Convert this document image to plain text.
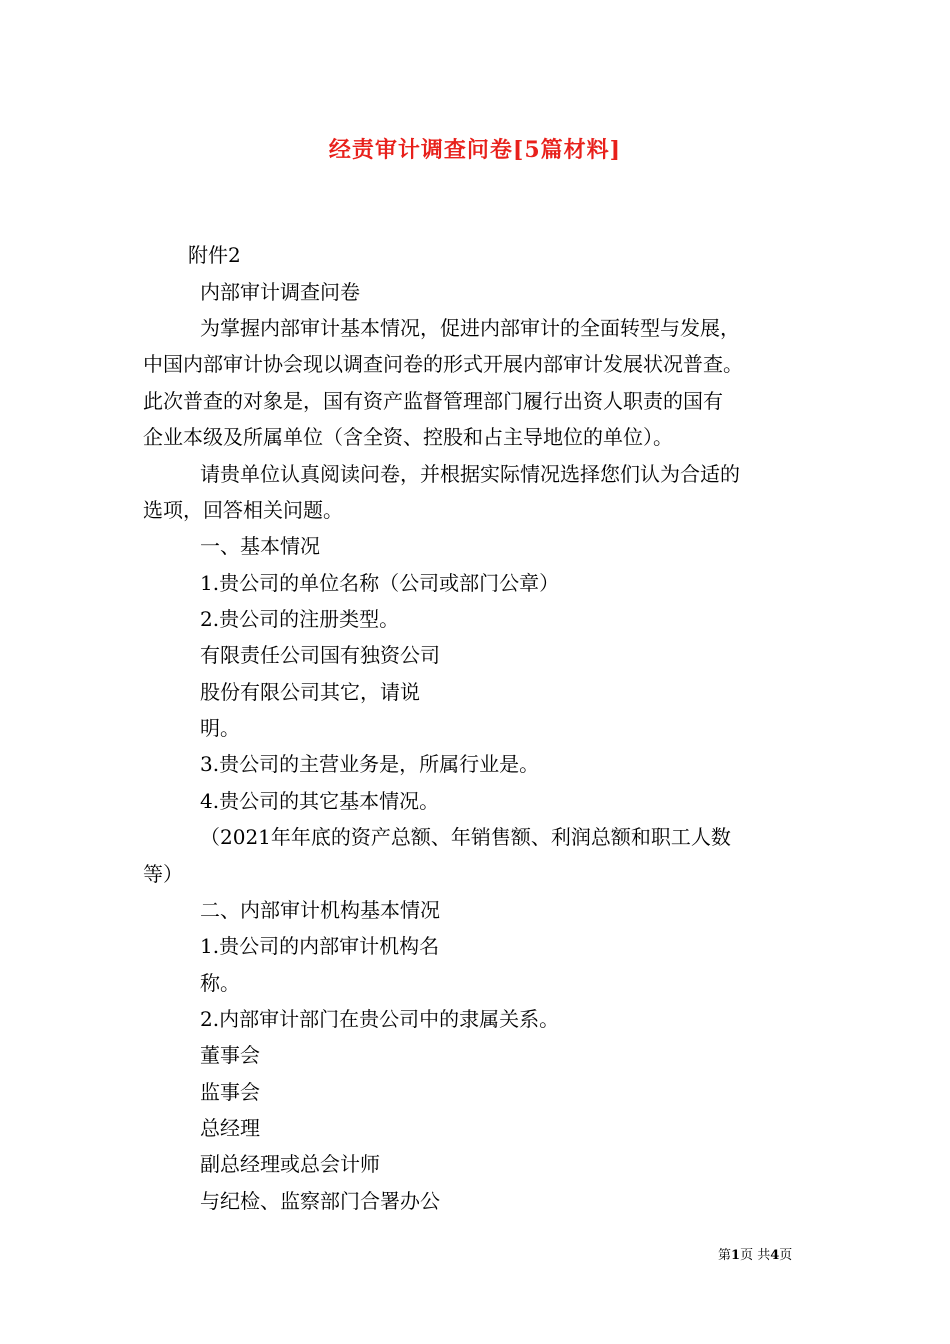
经责审计调查问卷[5篇材料]
附件2
内部审计调查问卷
为掌握内部审计基本情况，促进内部审计的全面转型与发展，
中国内部审计协会现以调查问卷的形式开展内部审计发展状况普查。
此次普查的对象是，国有资产监督管理部门履行出资人职责的国有
企业本级及所属单位（含全资、控股和占主导地位的单位）。
请贵单位认真阅读问卷，并根据实际情况选择您们认为合适的
选项，回答相关问题。
一、基本情况
1.贵公司的单位名称（公司或部门公章）
2.贵公司的注册类型。
有限责任公司国有独资公司
股份有限公司其它，请说
明。
3.贵公司的主营业务是，所属行业是。
4.贵公司的其它基本情况。
（2021年年底的资产总额、年销售额、利润总额和职工人数
等）
二、内部审计机构基本情况
1.贵公司的内部审计机构名
称。
2.内部审计部门在贵公司中的隶属关系。
董事会
监事会
总经理
副总经理或总会计师
与纪检、监察部门合署办公
第1页 共4页
